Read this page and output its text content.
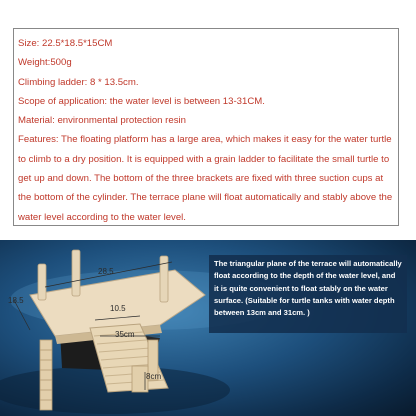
Size: 22.5*18.5*15CM

Weight:500g

Climbing ladder: 8 * 13.5cm.

Scope of application: the water level is between 13-31CM.

Material: environmental protection resin

Features: The floating platform has a large area, which makes it easy for the water turtle to climb to a dry position. It is equipped with a grain ladder to facilitate the small turtle to get up and down. The bottom of the three brackets are fixed with three suction cups at the bottom of the cylinder. The terrace plane will float automatically and stably above the water level according to the water level.

28.5
18.5
10.5
35cm
8cm

The triangular plane of the terrace will automatically float according to the depth of the water level, and it is quite convenient to float stably on the water surface. (Suitable for turtle tanks with water depth between 13cm and 31cm. )
